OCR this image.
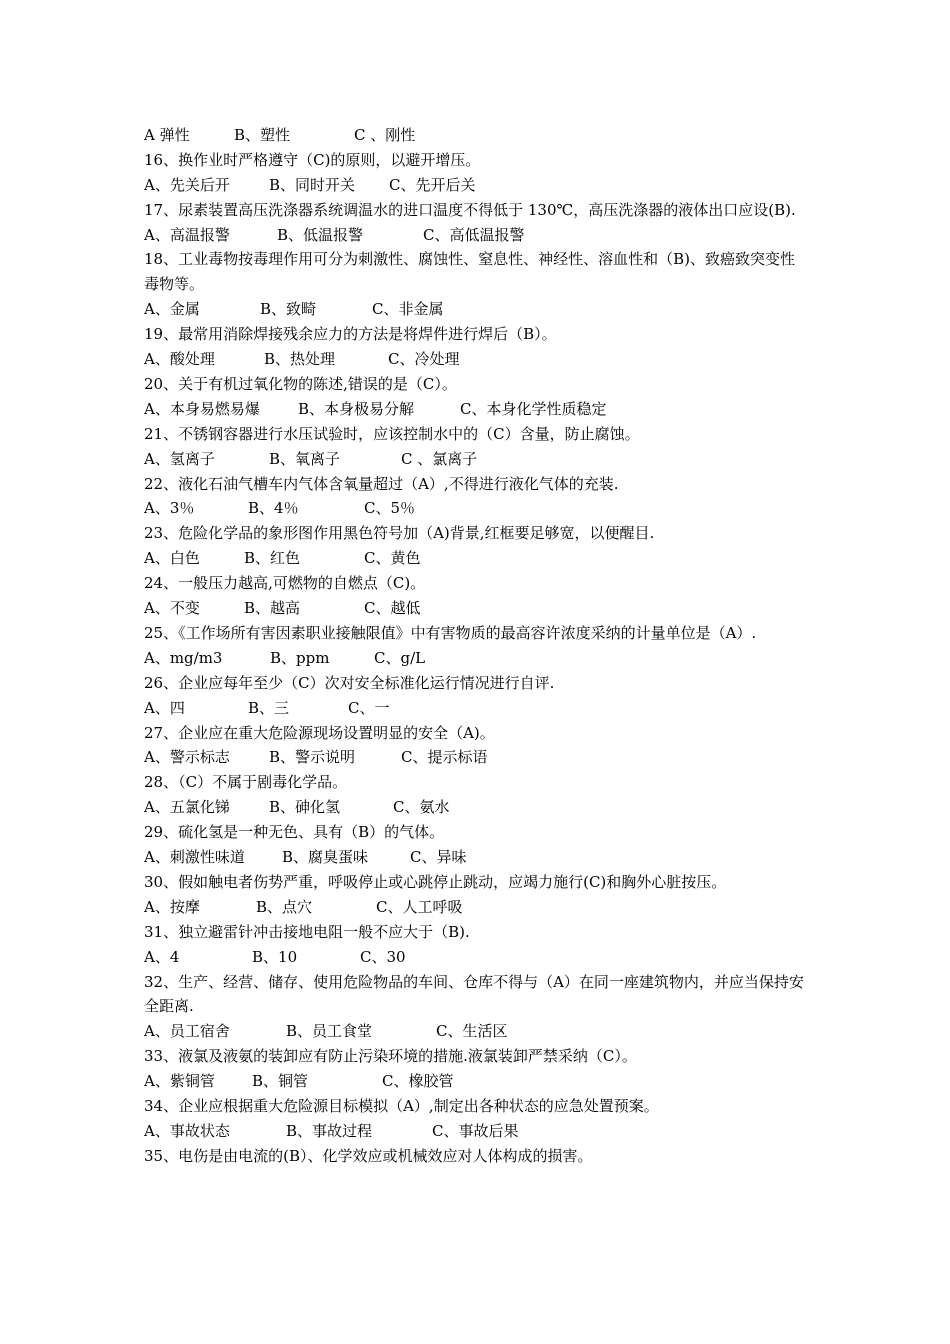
A 弹性	B、塑性	C 、刚性
16、换作业时严格遵守（C)的原则，以避开增压。
A、先关后开	B、同时开关	C、先开后关
17、尿素装置高压洗涤器系统调温水的进口温度不得低于 130℃，高压洗涤器的液体出口应设(B).
A、高温报警	B、低温报警	C、高低温报警
18、工业毒物按毒理作用可分为刺激性、腐蚀性、窒息性、神经性、溶血性和（B)、致癌致突变性毒物等。
A、金属	B、致畸	C、非金属
19、最常用消除焊接残余应力的方法是将焊件进行焊后（B）。
A、酸处理	B、热处理	C、冷处理
20、关于有机过氧化物的陈述,错误的是（C）。
A、本身易燃易爆	B、本身极易分解	C、本身化学性质稳定
21、不锈钢容器进行水压试验时，应该控制水中的（C）含量，防止腐蚀。
A、氢离子	B、氧离子	C 、氯离子
22、液化石油气槽车内气体含氧量超过（A）,不得进行液化气体的充装.
A、3％	B、4％	C、5％
23、危险化学品的象形图作用黑色符号加（A)背景,红框要足够宽，以便醒目.
A、白色	B、红色	C、黄色
24、一般压力越高,可燃物的自燃点（C)。
A、不变	B、越高	C、越低
25、《工作场所有害因素职业接触限值》中有害物质的最高容许浓度采纳的计量单位是（A）.
A、mg/m3	B、ppm	C、g/L
26、企业应每年至少（C）次对安全标准化运行情况进行自评.
A、四	B、三	C、一
27、企业应在重大危险源现场设置明显的安全（A)。
A、警示标志	B、警示说明	C、提示标语
28、（C）不属于剧毒化学品。
A、五氯化锑	B、砷化氢	C、氨水
29、硫化氢是一种无色、具有（B）的气体。
A、刺激性味道	B、腐臭蛋味	C、异味
30、假如触电者伤势严重，呼吸停止或心跳停止跳动，应竭力施行(C)和胸外心脏按压。
A、按摩	B、点穴	C、人工呼吸
31、独立避雷针冲击接地电阻一般不应大于（B).
A、4	B、10	C、30
32、生产、经营、储存、使用危险物品的车间、仓库不得与（A）在同一座建筑物内，并应当保持安全距离.
A、员工宿舍	B、员工食堂	C、生活区
33、液氯及液氨的装卸应有防止污染环境的措施.液氯装卸严禁采纳（C）。
A、紫铜管	B、铜管	C、橡胶管
34、企业应根据重大危险源目标模拟（A）,制定出各种状态的应急处置预案。
A、事故状态	B、事故过程	C、事故后果
35、电伤是由电流的(B）、化学效应或机械效应对人体构成的损害。
